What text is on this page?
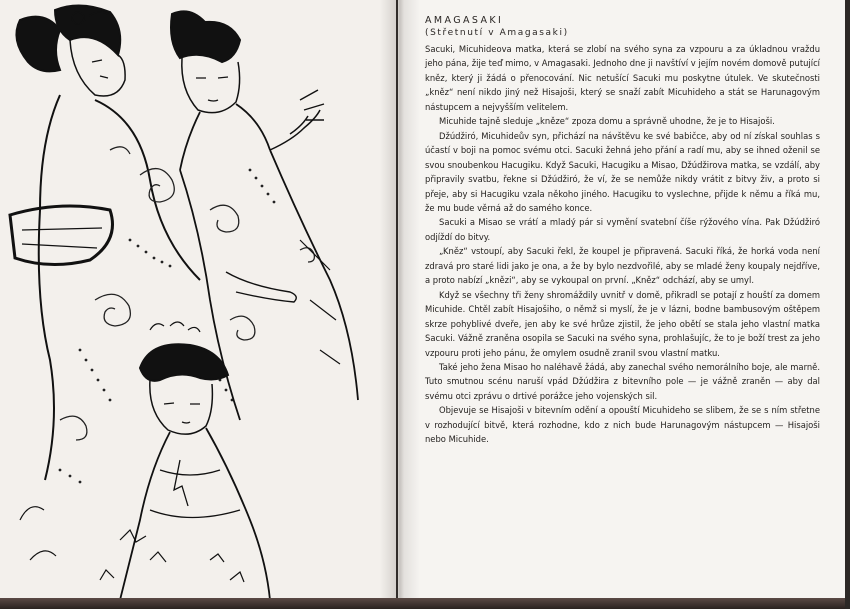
AMAGASAKI
(Střetnutí v Amagasaki)

Sacuki, Micuhideova matka, která se zlobí na svého syna za vzpouru a za úkladnou vraždu jeho pána, žije teď mimo, v Amagasaki. Jednoho dne ji navštíví v jejím novém domově putující kněz, který ji žádá o přenocování. Nic netušící Sacuki mu poskytne útulek. Ve skutečnosti „kněz“ není nikdo jiný než Hisajoši, který se snaží zabít Micuhideho a stát se Harunagovým nástupcem a nejvyšším velitelem.

Micuhide tajně sleduje „kněze“ zpoza domu a správně uhodne, že je to Hisajoši.

Džúdžiró, Micuhideův syn, přichází na návštěvu ke své babičce, aby od ní získal souhlas s účastí v boji na pomoc svému otci. Sacuki žehná jeho přání a radí mu, aby se ihned oženil se svou snoubenkou Hacugiku. Když Sacuki, Hacugiku a Misao, Džúdžirova matka, se vzdálí, aby připravily svatbu, řekne si Džúdžiró, že ví, že se nemůže nikdy vrátit z bitvy živ, a proto si přeje, aby si Hacugiku vzala někoho jiného. Hacugiku to vyslechne, přijde k němu a říká mu, že mu bude věrná až do samého konce.

Sacuki a Misao se vrátí a mladý pár si vymění svatební číše rýžového vína. Pak Džúdžiró odjíždí do bitvy.

„Kněz“ vstoupí, aby Sacuki řekl, že koupel je připravená. Sacuki říká, že horká voda není zdravá pro staré lidi jako je ona, a že by bylo nezdvořilé, aby se mladé ženy koupaly nejdříve, a proto nabízí „knězi“, aby se vykoupal on první. „Kněz“ odchází, aby se umyl.

Když se všechny tři ženy shromáždily uvnitř v domě, přikradl se potají z houští za domem Micuhide. Chtěl zabít Hisajošiho, o němž si myslí, že je v lázni, bodne bambusovým oštěpem skrze pohyblivé dveře, jen aby ke své hrůze zjistil, že jeho obětí se stala jeho vlastní matka Sacuki. Vážně zraněna osopila se Sacuki na svého syna, prohlašujíc, že to je boží trest za jeho vzpouru proti jeho pánu, že omylem osudně zranil svou vlastní matku.

Také jeho žena Misao ho naléhavě žádá, aby zanechal svého nemorálního boje, ale marně. Tuto smutnou scénu naruší vpád Džúdžira z bitevního pole — je vážně zraněn — aby dal svému otci zprávu o drtivé porážce jeho vojenských sil.

Objevuje se Hisajoši v bitevním odění a opouští Micuhideho se slibem, že se s ním střetne v rozhodující bitvě, která rozhodne, kdo z nich bude Harunagovým nástupcem — Hisajoši nebo Micuhide.
